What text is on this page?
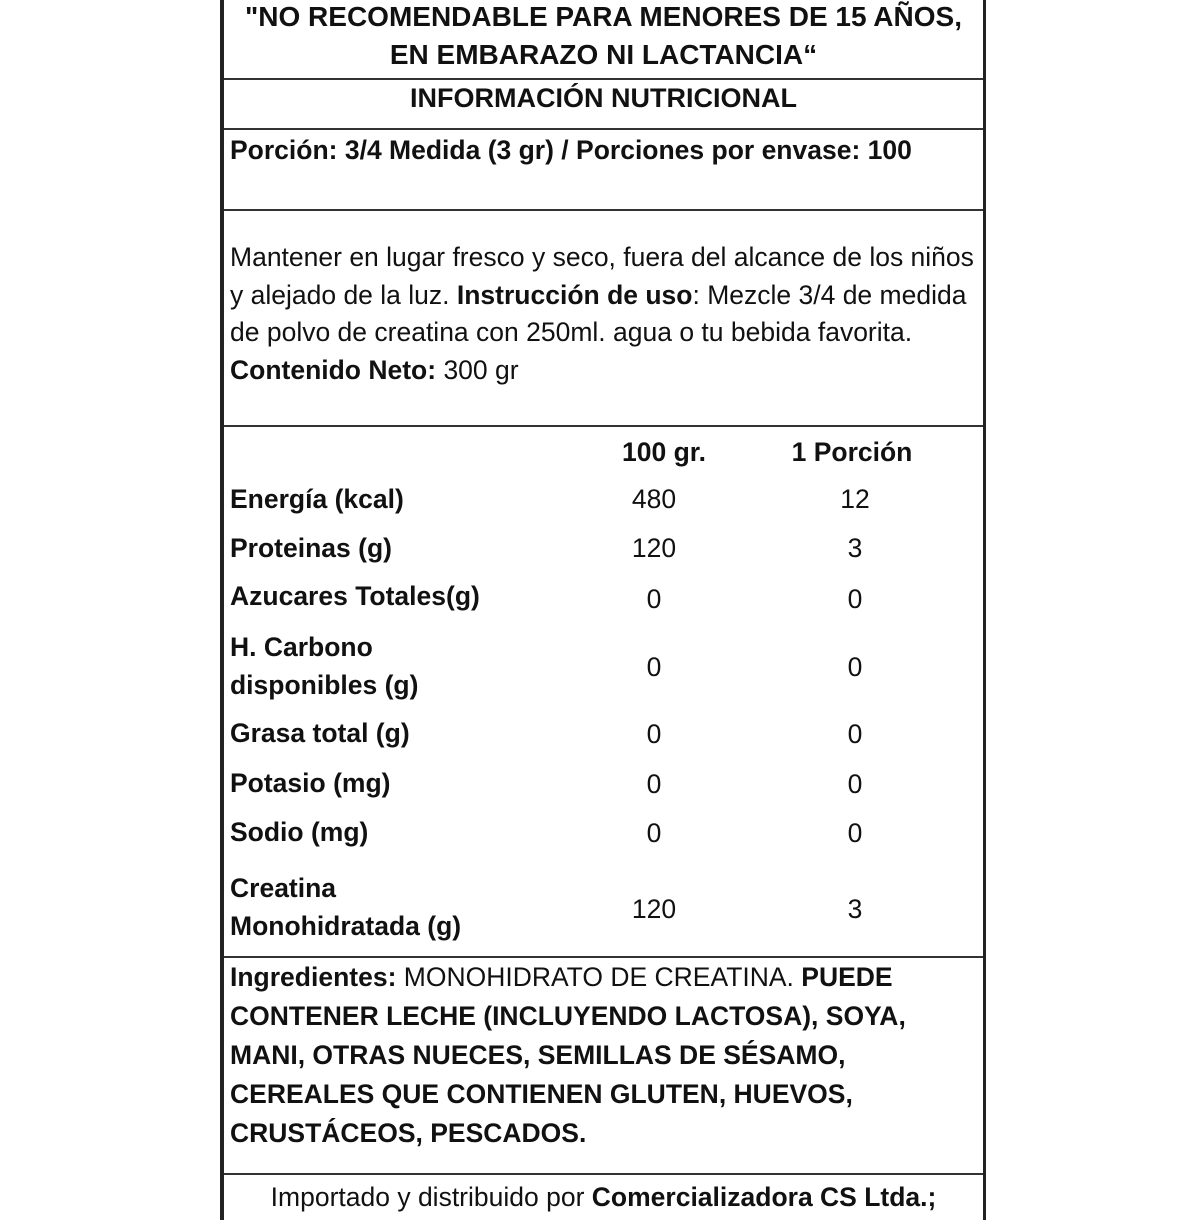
"NO RECOMENDABLE PARA MENORES DE 15 AÑOS,
EN EMBARAZO NI LACTANCIA“
INFORMACIÓN NUTRICIONAL
Porción: 3/4 Medida (3 gr) / Porciones por envase: 100
Mantener en lugar fresco y seco, fuera del alcance de los niños y alejado de la luz. Instrucción de uso: Mezcle 3/4 de medida de polvo de creatina con 250ml. agua o tu bebida favorita. Contenido Neto: 300 gr
100 gr.	1 Porción
Energía (kcal)	480	12
Proteinas (g)	120	3
Azucares Totales(g)	0	0
H. Carbono
disponibles (g)
0	0
Grasa total (g)	0	0
Potasio (mg)	0	0
Sodio (mg)	0	0
Creatina
Monohidratada (g)
120	3
Ingredientes: MONOHIDRATO DE CREATINA. PUEDE CONTENER LECHE (INCLUYENDO LACTOSA), SOYA, MANI, OTRAS NUECES, SEMILLAS DE SÉSAMO, CEREALES QUE CONTIENEN GLUTEN, HUEVOS, CRUSTÁCEOS, PESCADOS.
Importado y distribuido por Comercializadora CS Ltda.;
